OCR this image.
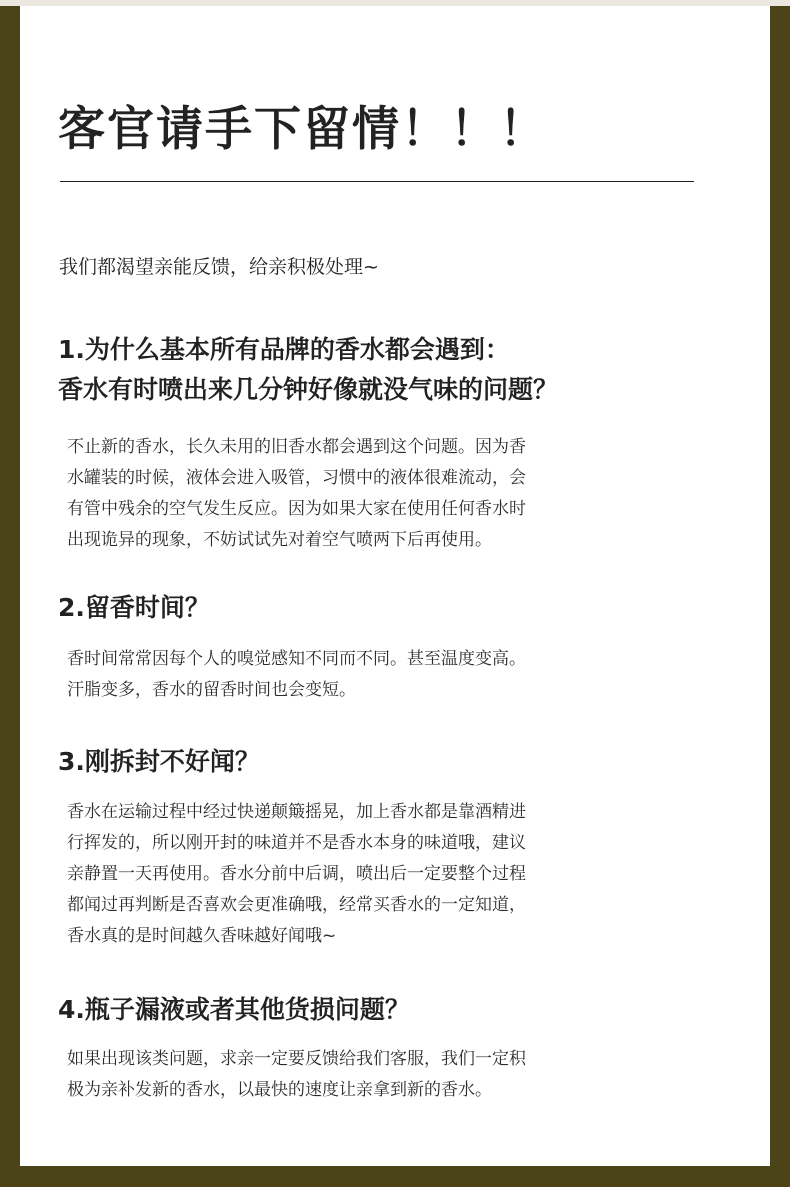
客官请手下留情！！！
我们都渴望亲能反馈，给亲积极处理~
1.为什么基本所有品牌的香水都会遇到：
香水有时喷出来几分钟好像就没气味的问题？
不止新的香水，长久未用的旧香水都会遇到这个问题。因为香
水罐装的时候，液体会进入吸管，习惯中的液体很难流动，会
有管中残余的空气发生反应。因为如果大家在使用任何香水时
出现诡异的现象，不妨试试先对着空气喷两下后再使用。
2.留香时间？
香时间常常因每个人的嗅觉感知不同而不同。甚至温度变高。
汗脂变多，香水的留香时间也会变短。
3.刚拆封不好闻？
香水在运输过程中经过快递颠簸摇晃，加上香水都是靠酒精进
行挥发的，所以刚开封的味道并不是香水本身的味道哦，建议
亲静置一天再使用。香水分前中后调，喷出后一定要整个过程
都闻过再判断是否喜欢会更准确哦，经常买香水的一定知道，
香水真的是时间越久香味越好闻哦~
4.瓶子漏液或者其他货损问题？
如果出现该类问题，求亲一定要反馈给我们客服，我们一定积
极为亲补发新的香水，以最快的速度让亲拿到新的香水。
